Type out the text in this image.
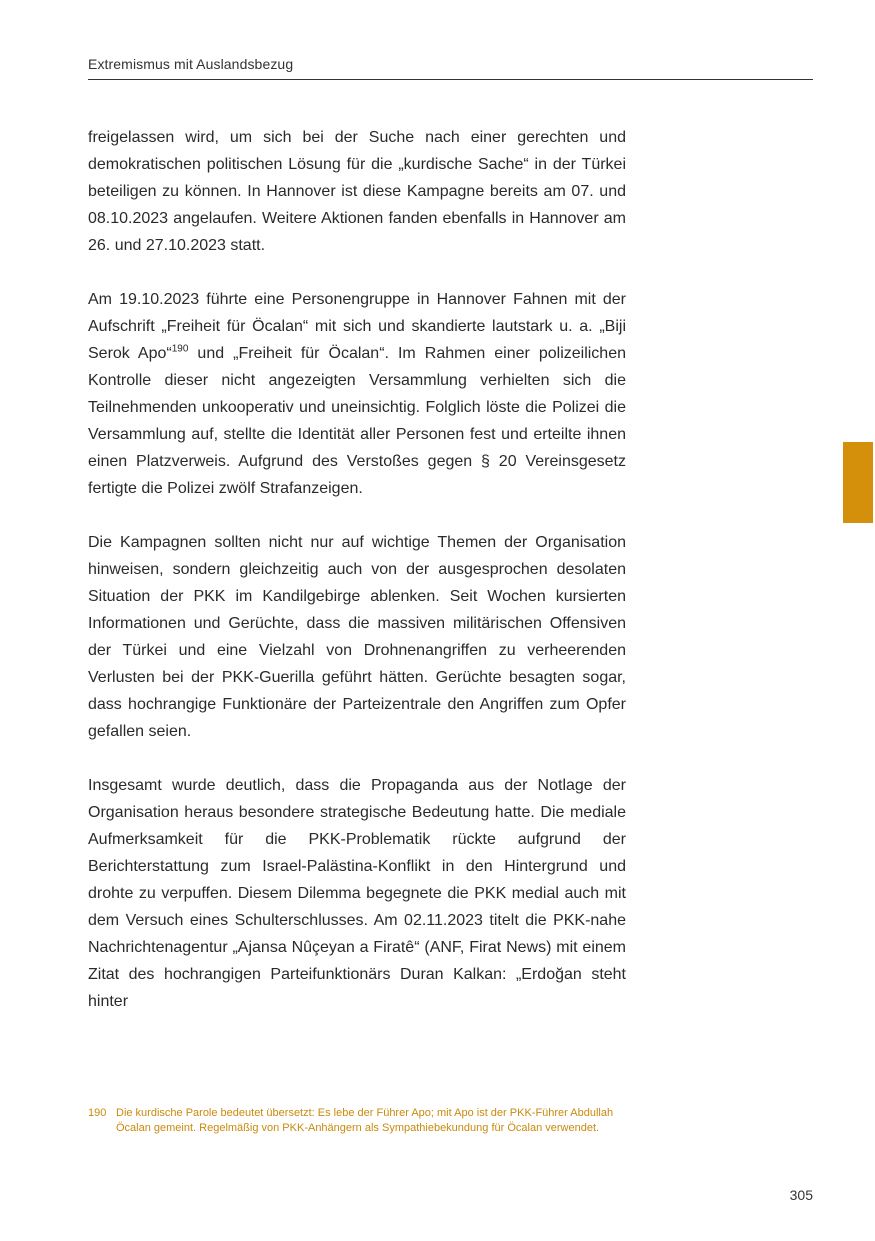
Extremismus mit Auslandsbezug

freigelassen wird, um sich bei der Suche nach einer gerechten und demokratischen politischen Lösung für die „kurdische Sache“ in der Türkei beteiligen zu können. In Hannover ist diese Kampagne bereits am 07. und 08.10.2023 angelaufen. Weitere Aktionen fanden ebenfalls in Hannover am 26. und 27.10.2023 statt.

Am 19.10.2023 führte eine Personengruppe in Hannover Fahnen mit der Aufschrift „Freiheit für Öcalan“ mit sich und skandierte lautstark u. a. „Biji Serok Apo“$^{190}$ und „Freiheit für Öcalan“. Im Rahmen einer polizeilichen Kontrolle dieser nicht angezeigten Versammlung verhielten sich die Teilnehmenden unkooperativ und uneinsichtig. Folglich löste die Polizei die Versammlung auf, stellte die Identität aller Personen fest und erteilte ihnen einen Platzverweis. Aufgrund des Verstoßes gegen § 20 Vereinsgesetz fertigte die Polizei zwölf Strafanzeigen.

Die Kampagnen sollten nicht nur auf wichtige Themen der Organisation hinweisen, sondern gleichzeitig auch von der ausgesprochen desolaten Situation der PKK im Kandilgebirge ablenken. Seit Wochen kursierten Informationen und Gerüchte, dass die massiven militärischen Offensiven der Türkei und eine Vielzahl von Drohnenangriffen zu verheerenden Verlusten bei der PKK-Guerilla geführt hätten. Gerüchte besagten sogar, dass hochrangige Funktionäre der Parteizentrale den Angriffen zum Opfer gefallen seien.

Insgesamt wurde deutlich, dass die Propaganda aus der Notlage der Organisation heraus besondere strategische Bedeutung hatte. Die mediale Aufmerksamkeit für die PKK-Problematik rückte aufgrund der Berichterstattung zum Israel-Palästina-Konflikt in den Hintergrund und drohte zu verpuffen. Diesem Dilemma begegnete die PKK medial auch mit dem Versuch eines Schulterschlusses. Am 02.11.2023 titelt die PKK-nahe Nachrichtenagentur „Ajansa Nûçeyan a Firatê“ (ANF, Firat News) mit einem Zitat des hochrangigen Parteifunktionärs Duran Kalkan: „Erdoğan steht hinter

190 Die kurdische Parole bedeutet übersetzt: Es lebe der Führer Apo; mit Apo ist der PKK-Führer Abdullah Öcalan gemeint. Regelmäßig von PKK-Anhängern als Sympathiebekundung für Öcalan verwendet.
305
